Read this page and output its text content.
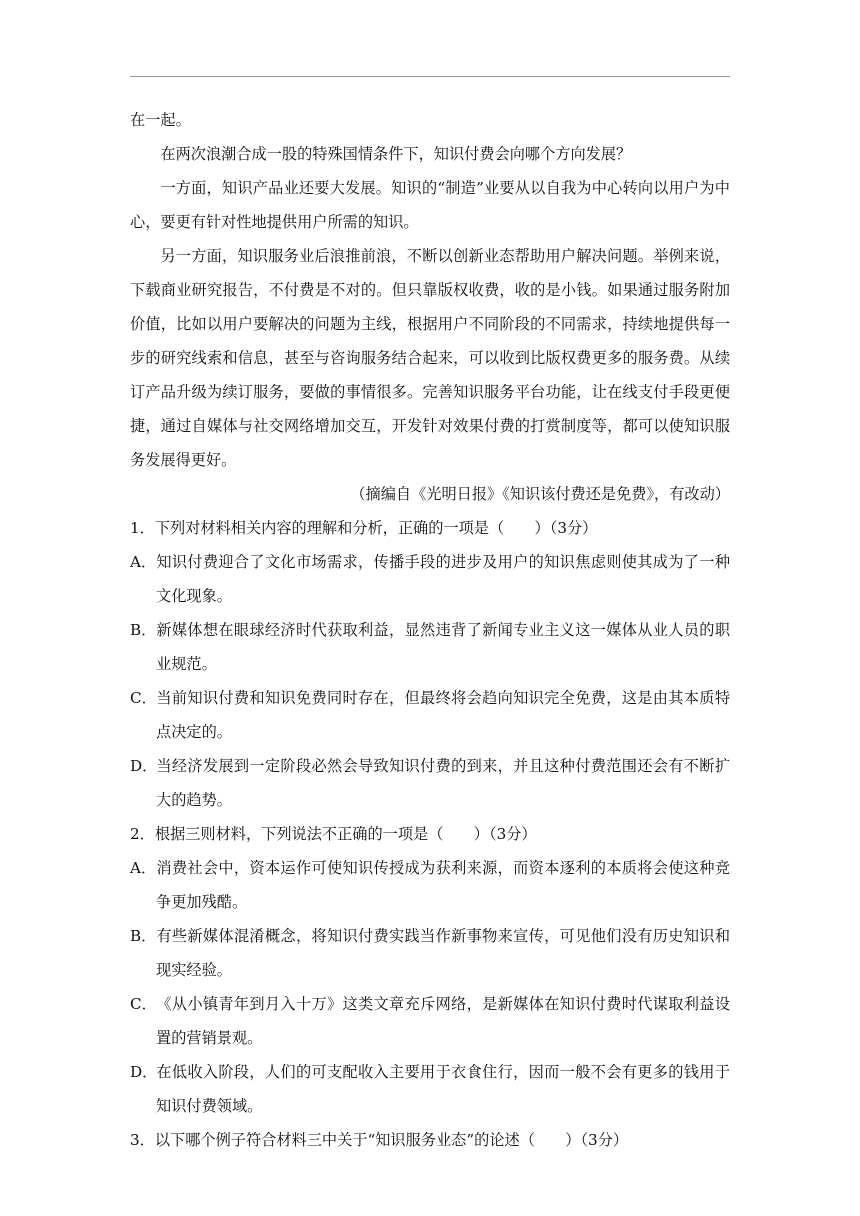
在一起。

在两次浪潮合成一股的特殊国情条件下，知识付费会向哪个方向发展？

一方面，知识产品业还要大发展。知识的“制造”业要从以自我为中心转向以用户为中心，要更有针对性地提供用户所需的知识。

另一方面，知识服务业后浪推前浪，不断以创新业态帮助用户解决问题。举例来说，下载商业研究报告，不付费是不对的。但只靠版权收费，收的是小钱。如果通过服务附加价值，比如以用户要解决的问题为主线，根据用户不同阶段的不同需求，持续地提供每一步的研究线索和信息，甚至与咨询服务结合起来，可以收到比版权费更多的服务费。从续订产品升级为续订服务，要做的事情很多。完善知识服务平台功能，让在线支付手段更便捷，通过自媒体与社交网络增加交互，开发针对效果付费的打赏制度等，都可以使知识服务发展得更好。

（摘编自《光明日报》《知识该付费还是免费》，有改动）

1．下列对材料相关内容的理解和分析，正确的一项是（　　）（3分）

A．知识付费迎合了文化市场需求，传播手段的进步及用户的知识焦虑则使其成为了一种文化现象。

B．新媒体想在眼球经济时代获取利益，显然违背了新闻专业主义这一媒体从业人员的职业规范。

C．当前知识付费和知识免费同时存在，但最终将会趋向知识完全免费，这是由其本质特点决定的。

D．当经济发展到一定阶段必然会导致知识付费的到来，并且这种付费范围还会有不断扩大的趋势。

2．根据三则材料，下列说法不正确的一项是（　　）（3分）

A．消费社会中，资本运作可使知识传授成为获利来源，而资本逐利的本质将会使这种竞争更加残酷。

B．有些新媒体混淆概念，将知识付费实践当作新事物来宣传，可见他们没有历史知识和现实经验。

C．《从小镇青年到月入十万》这类文章充斥网络，是新媒体在知识付费时代谋取利益设置的营销景观。

D．在低收入阶段，人们的可支配收入主要用于衣食住行，因而一般不会有更多的钱用于知识付费领域。

3．以下哪个例子符合材料三中关于“知识服务业态”的论述（　　）（3分）
